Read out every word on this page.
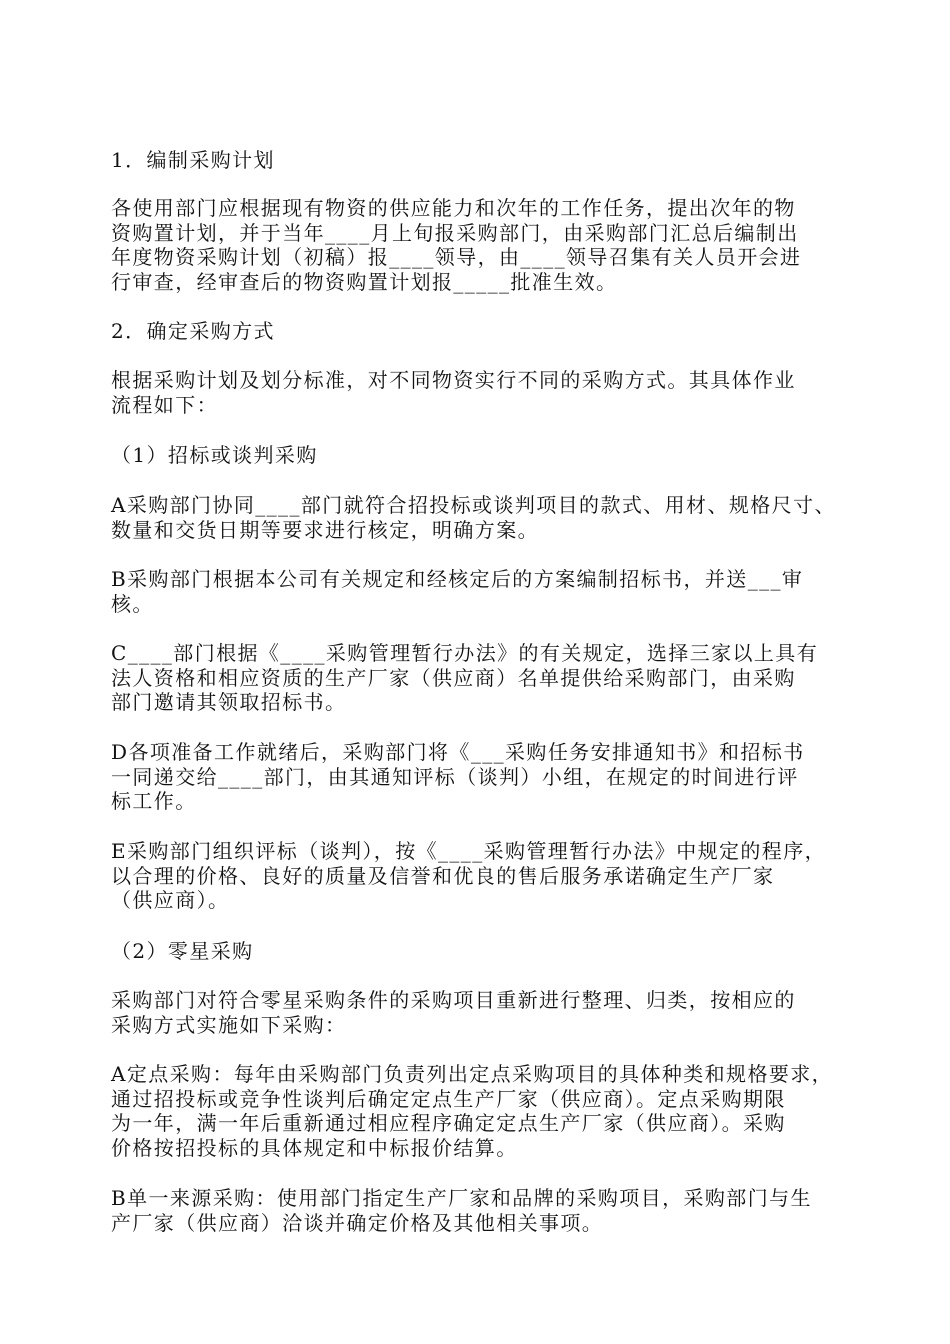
1．编制采购计划
各使用部门应根据现有物资的供应能力和次年的工作任务，提出次年的物
资购置计划，并于当年____月上旬报采购部门，由采购部门汇总后编制出
年度物资采购计划（初稿）报____领导，由____领导召集有关人员开会进
行审查，经审查后的物资购置计划报_____批准生效。
2．确定采购方式
根据采购计划及划分标准，对不同物资实行不同的采购方式。其具体作业
流程如下：
（1）招标或谈判采购
A采购部门协同____部门就符合招投标或谈判项目的款式、用材、规格尺寸、
数量和交货日期等要求进行核定，明确方案。
B采购部门根据本公司有关规定和经核定后的方案编制招标书，并送___审
核。
C____部门根据《____采购管理暂行办法》的有关规定，选择三家以上具有
法人资格和相应资质的生产厂家（供应商）名单提供给采购部门，由采购
部门邀请其领取招标书。
D各项准备工作就绪后，采购部门将《___采购任务安排通知书》和招标书
一同递交给____部门，由其通知评标（谈判）小组，在规定的时间进行评
标工作。
E采购部门组织评标（谈判），按《____采购管理暂行办法》中规定的程序，
以合理的价格、良好的质量及信誉和优良的售后服务承诺确定生产厂家
（供应商）。
（2）零星采购
采购部门对符合零星采购条件的采购项目重新进行整理、归类，按相应的
采购方式实施如下采购：
A定点采购：每年由采购部门负责列出定点采购项目的具体种类和规格要求，
通过招投标或竞争性谈判后确定定点生产厂家（供应商）。定点采购期限
为一年，满一年后重新通过相应程序确定定点生产厂家（供应商）。采购
价格按招投标的具体规定和中标报价结算。
B单一来源采购：使用部门指定生产厂家和品牌的采购项目，采购部门与生
产厂家（供应商）洽谈并确定价格及其他相关事项。
